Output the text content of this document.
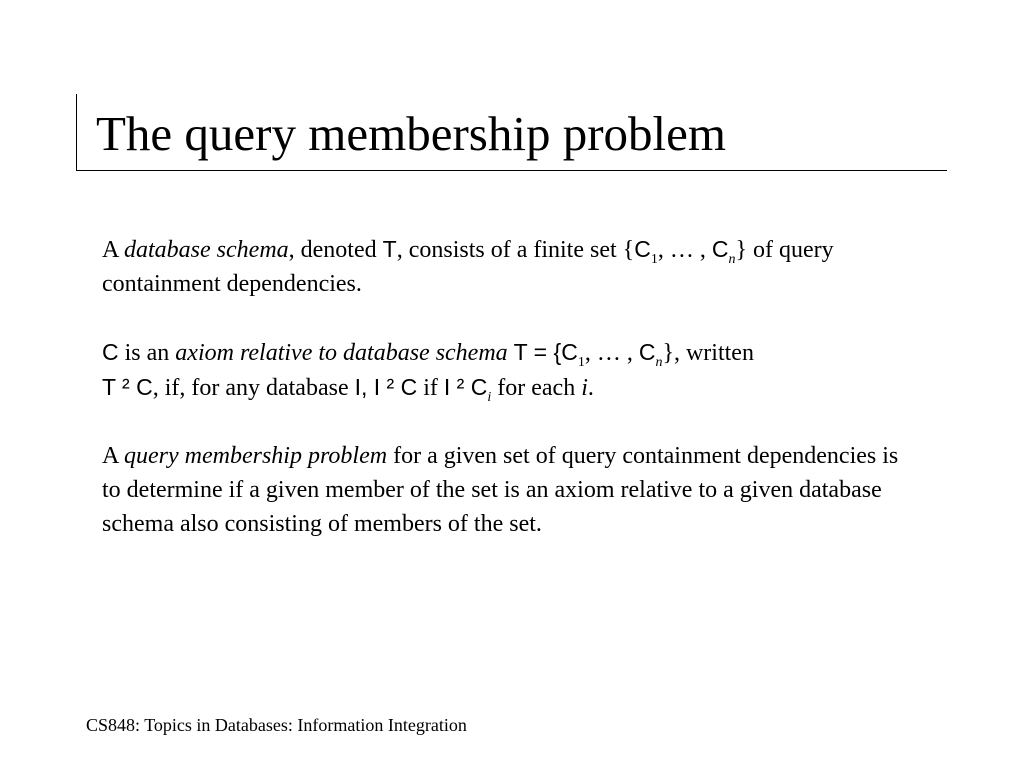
The query membership problem

A database schema, denoted T, consists of a finite set {$C_1$, … , $C_n$} of query containment dependencies.

C is an axiom relative to database schema $T = \{C_1$, … , $C_n$}, written
T ² C, if, for any database I, I ² C if I ² $C_i$ for each i.

A query membership problem for a given set of query containment dependencies is to determine if a given member of the set is an axiom relative to a given database schema also consisting of members of the set.

CS848: Topics in Databases: Information Integration
